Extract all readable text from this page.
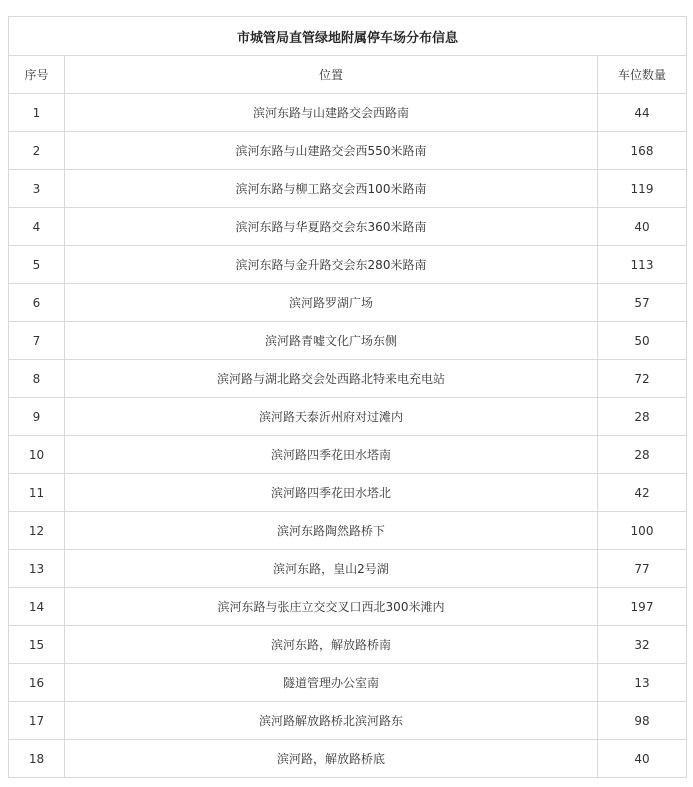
市城管局直管绿地附属停车场分布信息		
序号	位置	车位数量
1	滨河东路与山建路交会西路南	44
2	滨河东路与山建路交会西550米路南	168
3	滨河东路与柳工路交会西100米路南	119
4	滨河东路与华夏路交会东360米路南	40
5	滨河东路与金升路交会东280米路南	113
6	滨河路罗湖广场	57
7	滨河路青嘘文化广场东侧	50
8	滨河路与湖北路交会处西路北特来电充电站	72
9	滨河路天泰沂州府对过滩内	28
10	滨河路四季花田水塔南	28
11	滨河路四季花田水塔北	42
12	滨河东路陶然路桥下	100
13	滨河东路，皇山2号湖	77
14	滨河东路与张庄立交交叉口西北300米滩内	197
15	滨河东路，解放路桥南	32
16	隧道管理办公室南	13
17	滨河路解放路桥北滨河路东	98
18	滨河路，解放路桥底	40
